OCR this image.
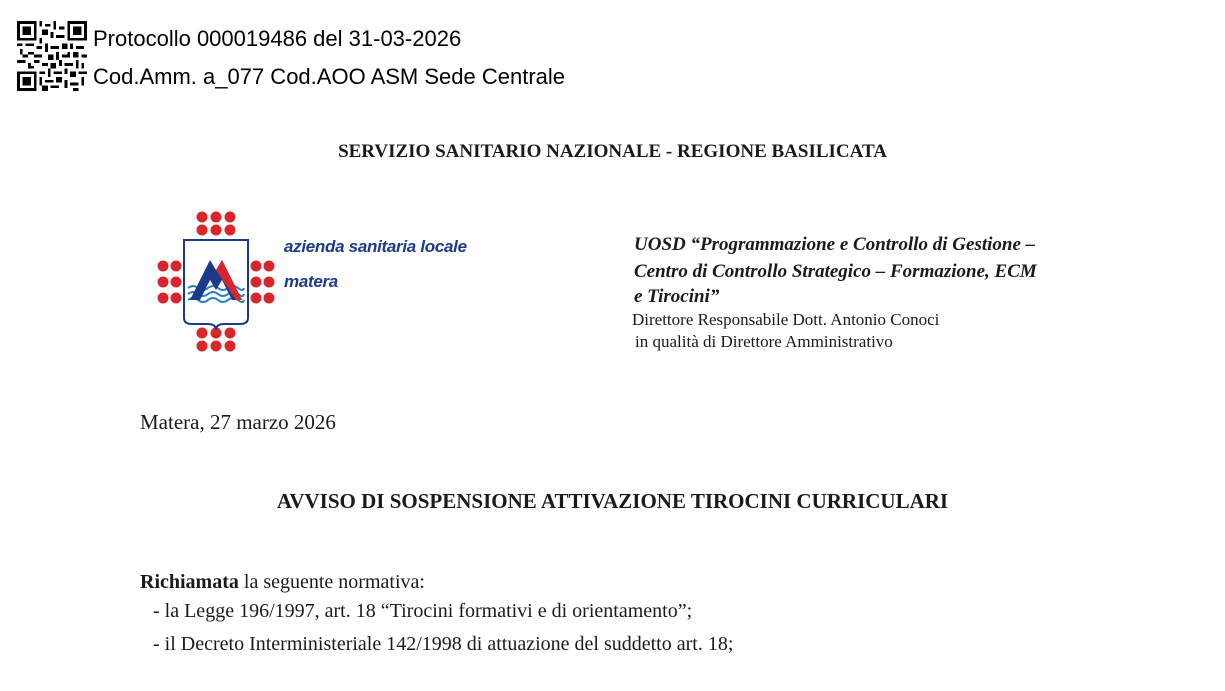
Protocollo 000019486 del 31-03-2026
Cod.Amm. a_077 Cod.AOO ASM Sede Centrale
SERVIZIO SANITARIO NAZIONALE - REGIONE BASILICATA
azienda sanitaria locale
matera
UOSD “Programmazione e Controllo di Gestione –
Centro di Controllo Strategico – Formazione, ECM
e Tirocini”
Direttore Responsabile Dott. Antonio Conoci
in qualità di Direttore Amministrativo
Matera, 27 marzo 2026
AVVISO DI SOSPENSIONE ATTIVAZIONE TIROCINI CURRICULARI
Richiamata la seguente normativa:
- la Legge 196/1997, art. 18 “Tirocini formativi e di orientamento”;
- il Decreto Interministeriale 142/1998 di attuazione del suddetto art. 18;
